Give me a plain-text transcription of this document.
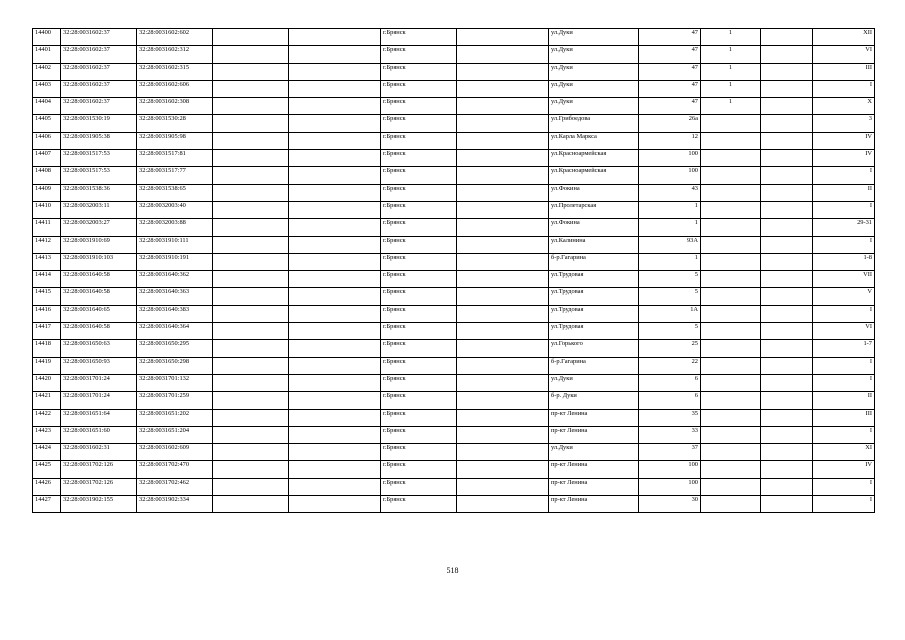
14400	32:28:0031602:37	32:28:0031602:602			г.Брянск		ул.Дуки	47	1		XII
14401	32:28:0031602:37	32:28:0031602:312			г.Брянск		ул.Дуки	47	1		VI
14402	32:28:0031602:37	32:28:0031602:315			г.Брянск		ул.Дуки	47	1		III
14403	32:28:0031602:37	32:28:0031602:606			г.Брянск		ул.Дуки	47	1		I
14404	32:28:0031602:37	32:28:0031602:308			г.Брянск		ул.Дуки	47	1		X
14405	32:28:0031530:19	32:28:0031530:28			г.Брянск		ул.Грибоедова	26а			3
14406	32:28:0031905:38	32:28:0031905:98			г.Брянск		ул.Карла Маркса	12			IV
14407	32:28:0031517:53	32:28:0031517:81			г.Брянск		ул.Красноармейская	100			IV
14408	32:28:0031517:53	32:28:0031517:77			г.Брянск		ул.Красноармейская	100			I
14409	32:28:0031538:36	32:28:0031538:65			г.Брянск		ул.Фокина	43			II
14410	32:28:0032003:11	32:28:0032003:40			г.Брянск		ул.Пролетарская	1			I
14411	32:28:0032003:27	32:28:0032003:88			г.Брянск		ул.Фокина	1			29-31
14412	32:28:0031910:69	32:28:0031910:111			г.Брянск		ул.Калинина	93А			I
14413	32:28:0031910:103	32:28:0031910:191			г.Брянск		б-р.Гагарина	1			1-8
14414	32:28:0031640:58	32:28:0031640:362			г.Брянск		ул.Трудовая	5			VII
14415	32:28:0031640:58	32:28:0031640:363			г.Брянск		ул.Трудовая	5			V
14416	32:28:0031640:65	32:28:0031640:383			г.Брянск		ул.Трудовая	1А			I
14417	32:28:0031640:58	32:28:0031640:364			г.Брянск		ул.Трудовая	5			VI
14418	32:28:0031650:63	32:28:0031650:295			г.Брянск		ул.Горького	25			1-7
14419	32:28:0031650:93	32:28:0031650:298			г.Брянск		б-р.Гагарина	22			I
14420	32:28:0031701:24	32:28:0031701:132			г.Брянск		ул.Дуки	6			I
14421	32:28:0031701:24	32:28:0031701:259			г.Брянск		б-р. Дуки	6			II
14422	32:28:0031651:64	32:28:0031651:202			г.Брянск		пр-кт Ленина	35			III
14423	32:28:0031651:60	32:28:0031651:204			г.Брянск		пр-кт Ленина	33			I
14424	32:28:0031602:31	32:28:0031602:609			г.Брянск		ул.Дуки	37			XI
14425	32:28:0031702:126	32:28:0031702:470			г.Брянск		пр-кт Ленина	100			IV
14426	32:28:0031702:126	32:28:0031702:462			г.Брянск		пр-кт Ленина	100			I
14427	32:28:0031902:155	32:28:0031902:334			г.Брянск		пр-кт Ленина	30			I
518
